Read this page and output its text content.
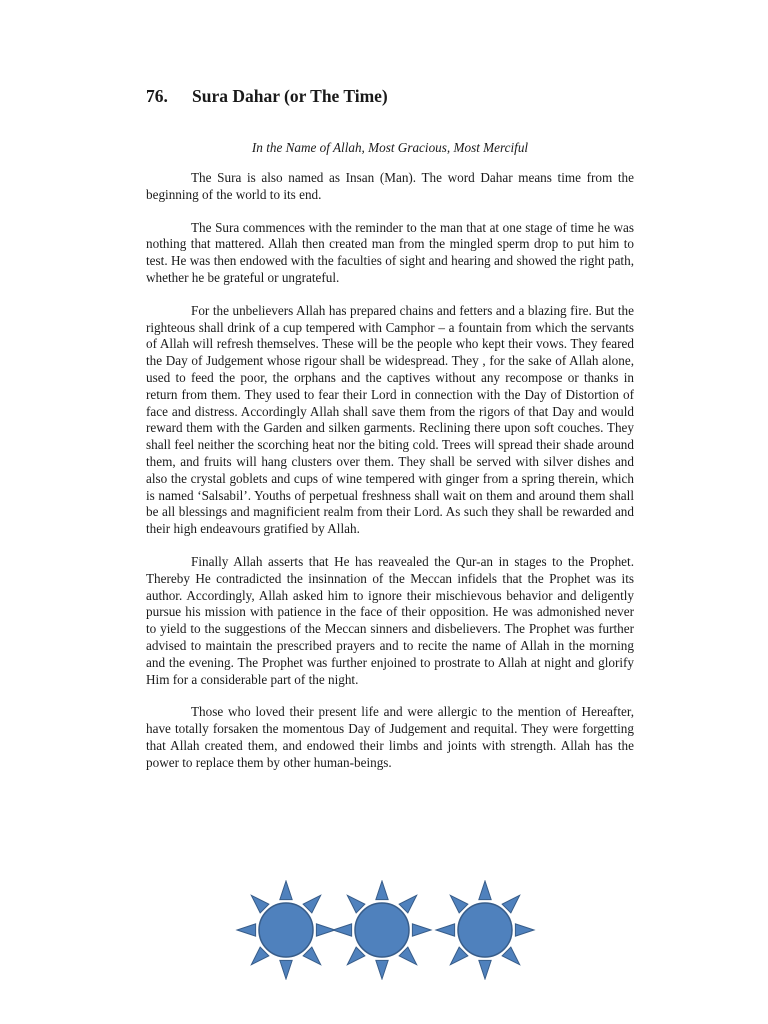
76. Sura Dahar (or The Time)

In the Name of Allah, Most Gracious, Most Merciful

The Sura is also named as Insan (Man). The word Dahar means time from the beginning of the world to its end.

The Sura commences with the reminder to the man that at one stage of time he was nothing that mattered. Allah then created man from the mingled sperm drop to put him to test. He was then endowed with the faculties of sight and hearing and showed the right path, whether he be grateful or ungrateful.

For the unbelievers Allah has prepared chains and fetters and a blazing fire. But the righteous shall drink of a cup tempered with Camphor – a fountain from which the servants of Allah will refresh themselves. These will be the people who kept their vows. They feared the Day of Judgement whose rigour shall be widespread. They , for the sake of Allah alone, used to feed the poor, the orphans and the captives without any recompose or thanks in return from them. They used to fear their Lord in connection with the Day of Distortion of face and distress. Accordingly Allah shall save them from the rigors of that Day and would reward them with the Garden and silken garments. Reclining there upon soft couches. They shall feel neither the scorching heat nor the biting cold. Trees will spread their shade around them, and fruits will hang clusters over them. They shall be served with silver dishes and also the crystal goblets and cups of wine tempered with ginger from a spring therein, which is named ‘Salsabil’. Youths of perpetual freshness shall wait on them and around them shall be all blessings and magnificient realm from their Lord. As such they shall be rewarded and their high endeavours gratified by Allah.

Finally Allah asserts that He has reavealed the Qur-an in stages to the Prophet. Thereby He contradicted the insinnation of the Meccan infidels that the Prophet was its author. Accordingly, Allah asked him to ignore their mischievous behavior and deligently pursue his mission with patience in the face of their opposition. He was admonished never to yield to the suggestions of the Meccan sinners and disbelievers. The Prophet was further advised to maintain the prescribed prayers and to recite the name of Allah in the morning and the evening. The Prophet was further enjoined to prostrate to Allah at night and glorify Him for a considerable part of the night.

Those who loved their present life and were allergic to the mention of Hereafter, have totally forsaken the momentous Day of Judgement and requital. They were forgetting that Allah created them, and endowed their limbs and joints with strength. Allah has the power to replace them by other human-beings.
